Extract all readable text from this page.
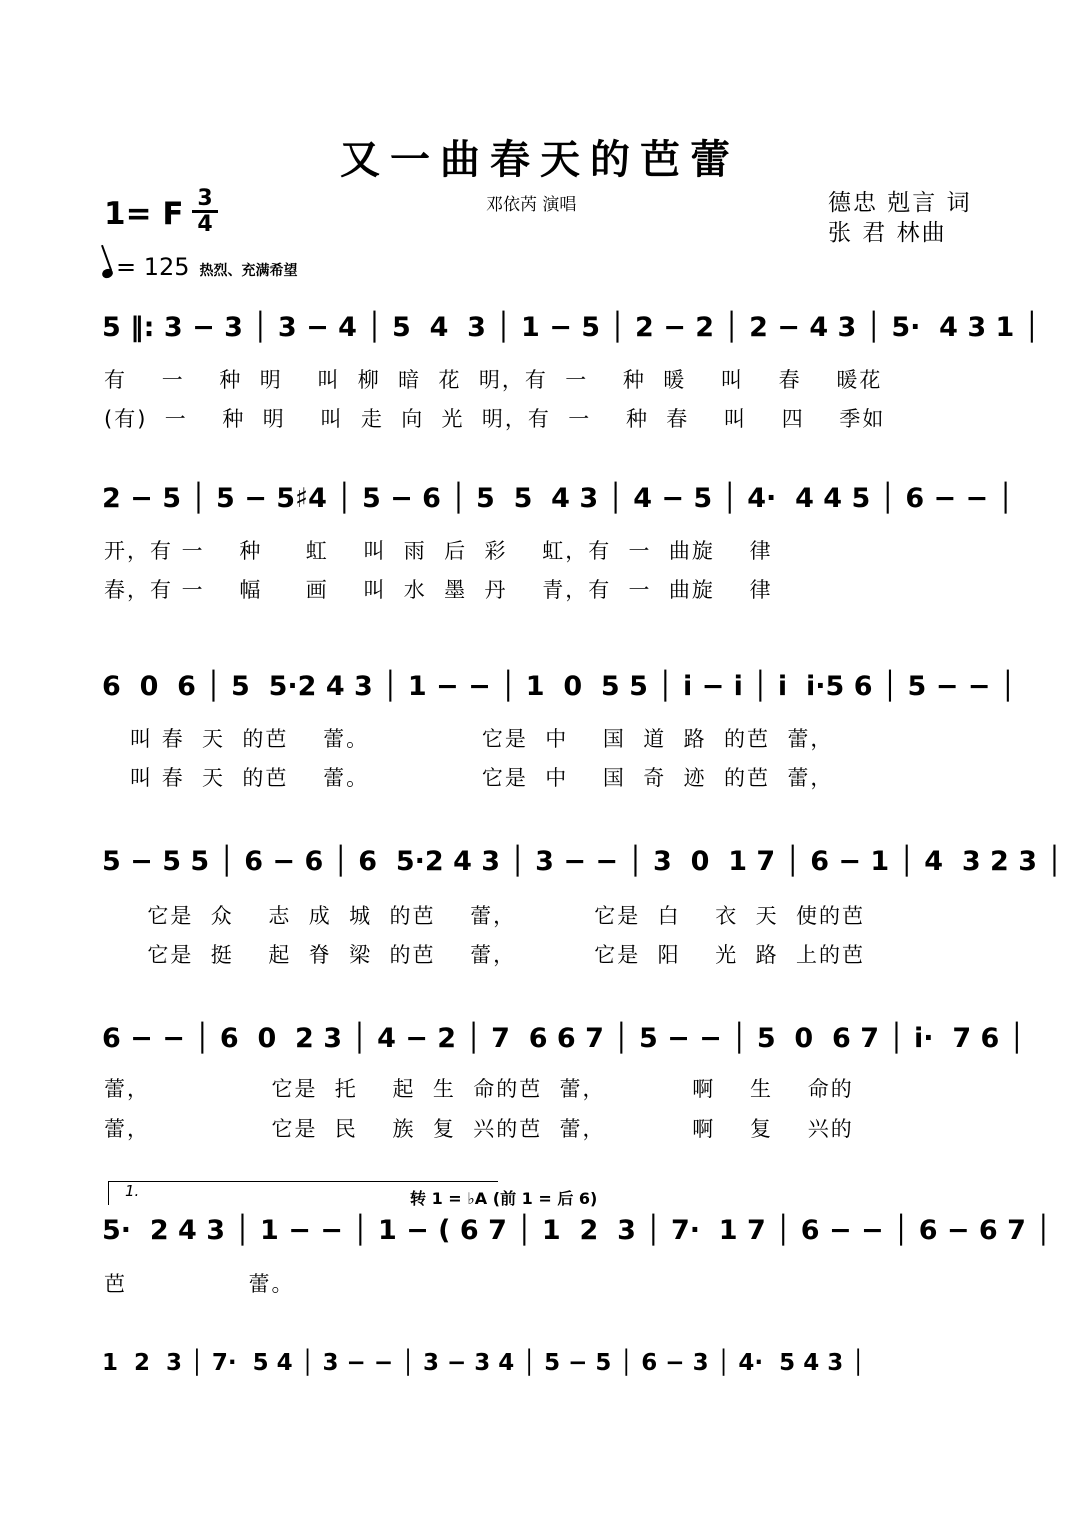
又一曲春天的芭蕾
1= F 3
4
邓依芮 演唱	德忠 剋言 词
张 君 林曲
= 125 热烈、充满希望
5 ‖: 3 − 3 │ 3 − 4 │ 5  4  3 │ 1 − 5 │ 2 − 2 │ 2 − 4 3 │ 5·  4 3 1 │
有    一    种  明    叫  柳  暗  花  明，有  一    种  暖    叫    春    暖花
(有)  一    种  明    叫  走  向  光  明，有  一    种  春    叫    四    季如
2 − 5 │ 5 − 5♯4 │ 5 − 6 │ 5  5  4 3 │ 4 − 5 │ 4·  4 4 5 │ 6 − − │
开，有 一    种     虹    叫  雨  后  彩    虹，有  一  曲旋    律
春，有 一    幅     画    叫  水  墨  丹    青，有  一  曲旋    律
6  0  6 │ 5  5·2 4 3 │ 1 − − │ 1  0  5 5 │ i − i │ i  i·5 6 │ 5 − − │
叫 春  天  的芭    蕾。             它是  中    国  道  路  的芭  蕾，
叫 春  天  的芭    蕾。             它是  中    国  奇  迹  的芭  蕾，
5 − 5 5 │ 6 − 6 │ 6  5·2 4 3 │ 3 − − │ 3  0  1 7 │ 6 − 1 │ 4  3 2 3 │
它是  众    志  成  城  的芭    蕾，         它是  白    衣  天  使的芭
它是  挺    起  脊  梁  的芭    蕾，         它是  阳    光  路  上的芭
6 − − │ 6  0  2 3 │ 4 − 2 │ 7  6 6 7 │ 5 − − │ 5  0  6 7 │ i·  7 6 │
蕾，              它是  托    起  生  命的芭  蕾，          啊    生    命的
蕾，              它是  民    族  复  兴的芭  蕾，          啊    复    兴的
1.	转 1 = ♭A (前 1 = 后 6)
5·  2 4 3 │ 1 − − │ 1 − ( 6 7 │ 1  2  3 │ 7·  1 7 │ 6 − − │ 6 − 6 7 │
芭              蕾。
1  2  3 │ 7·  5 4 │ 3 − − │ 3 − 3 4 │ 5 − 5 │ 6 − 3 │ 4·  5 4 3 │
